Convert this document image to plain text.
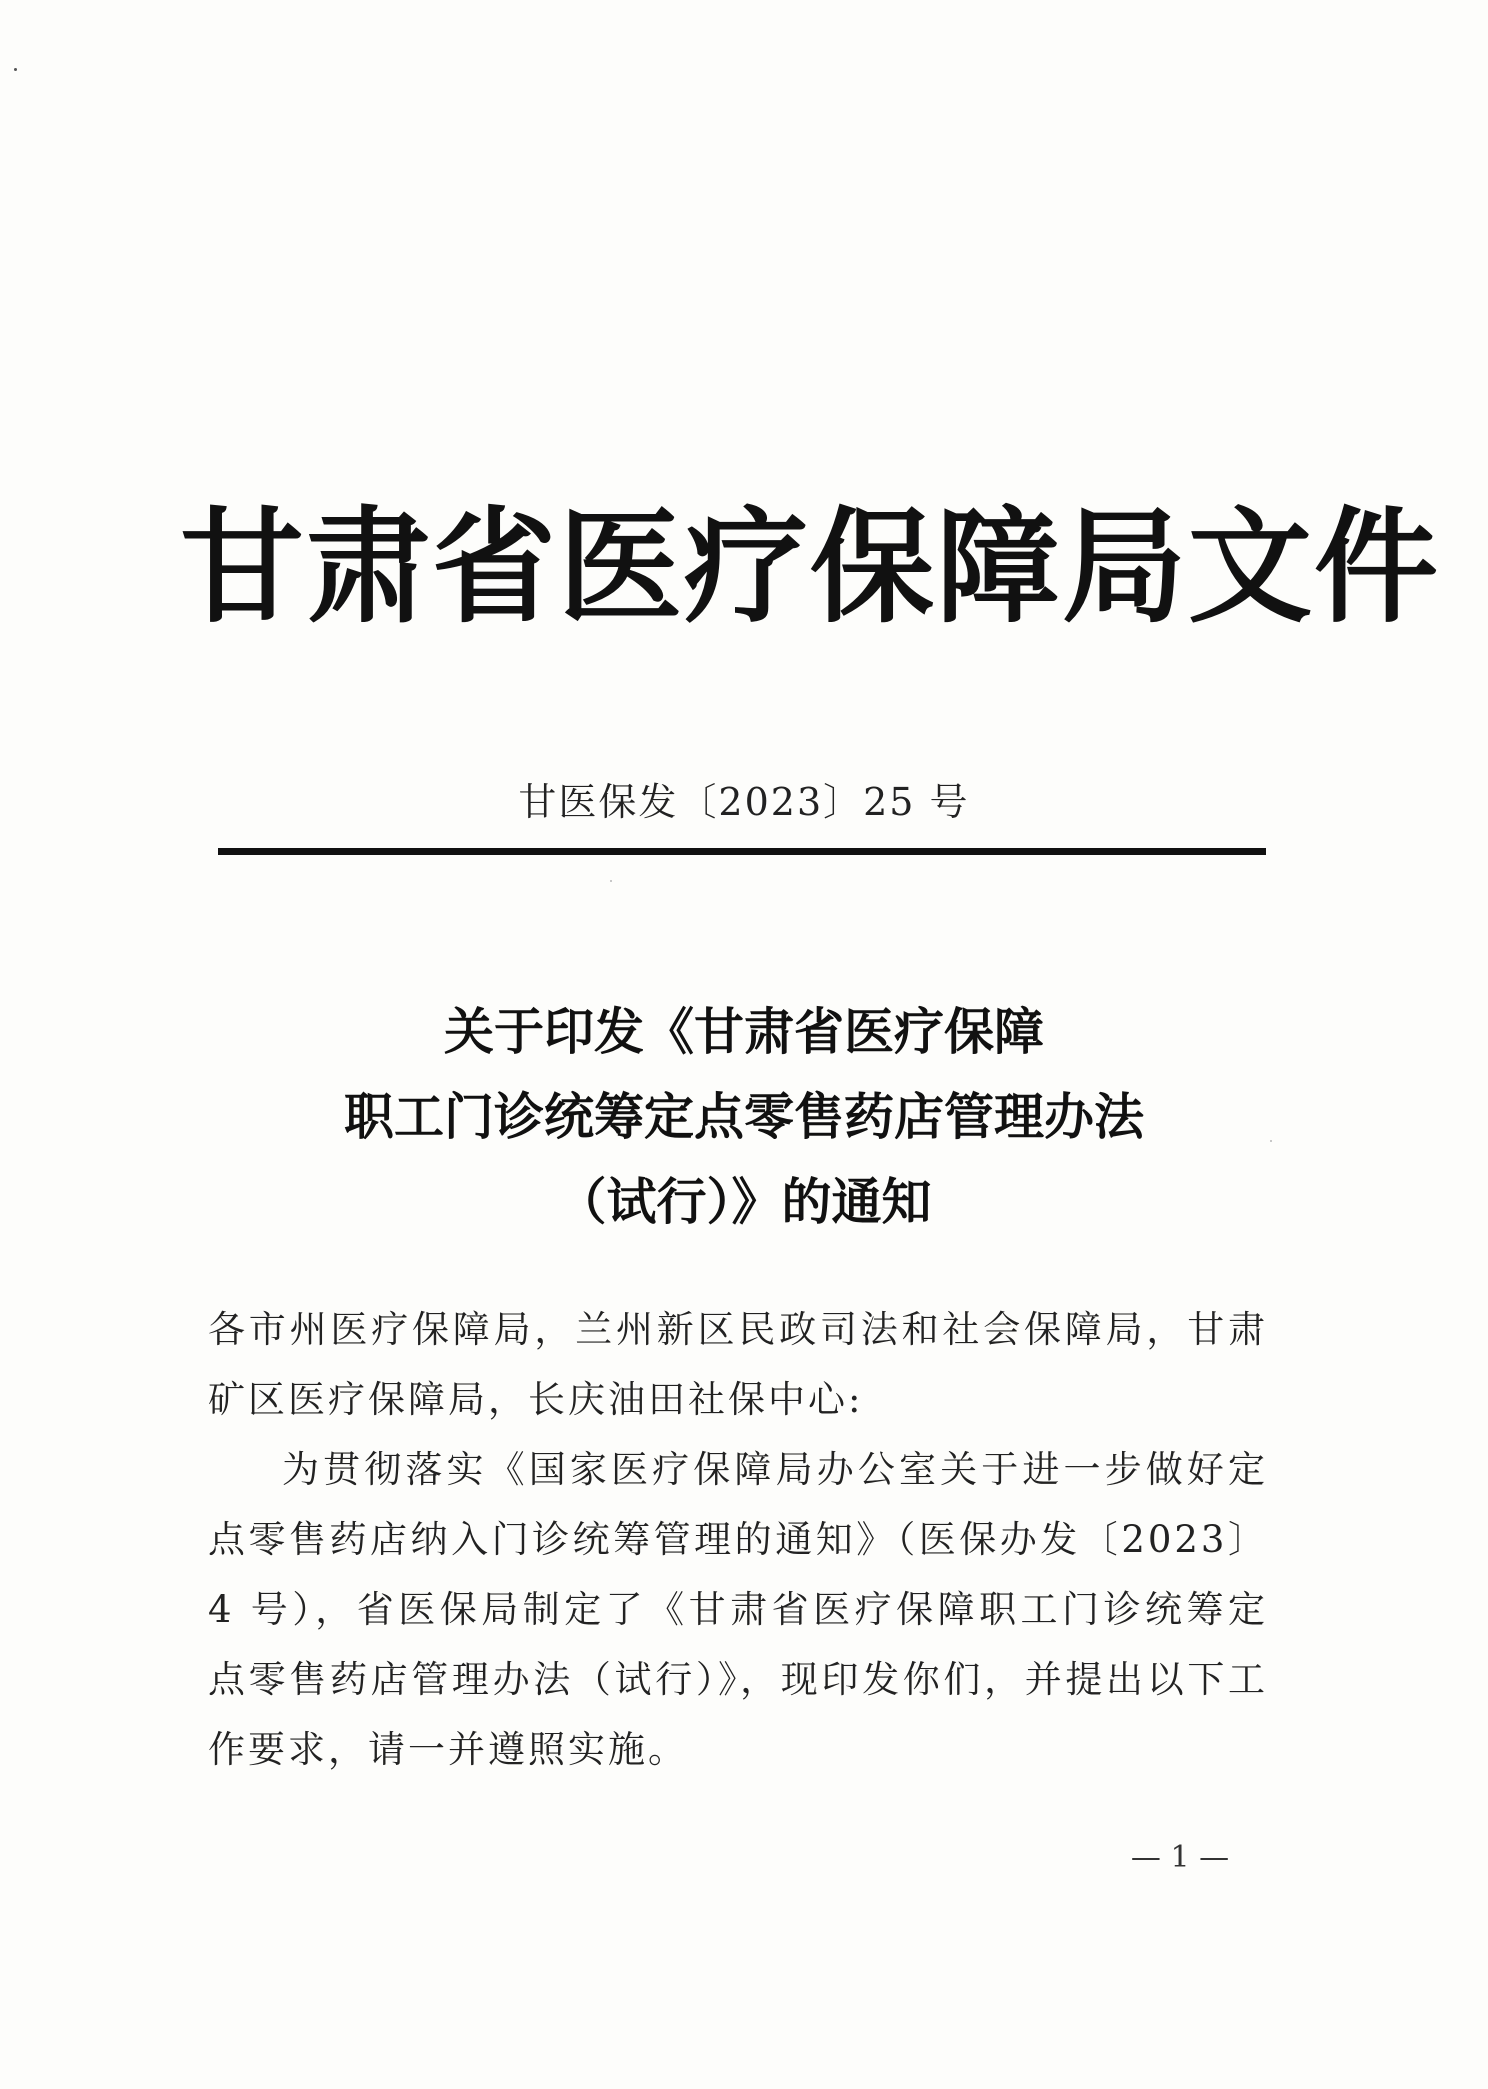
甘肃省医疗保障局文件
甘医保发〔2023〕25 号
关于印发《甘肃省医疗保障
职工门诊统筹定点零售药店管理办法
（试行）》的通知

各市州医疗保障局，兰州新区民政司法和社会保障局，甘肃矿区医疗保障局，长庆油田社保中心:

为贯彻落实《国家医疗保障局办公室关于进一步做好定点零售药店纳入门诊统筹管理的通知》（医保办发〔2023〕4 号），省医保局制定了《甘肃省医疗保障职工门诊统筹定点零售药店管理办法（试行）》，现印发你们，并提出以下工作要求，请一并遵照实施。

— 1 —
